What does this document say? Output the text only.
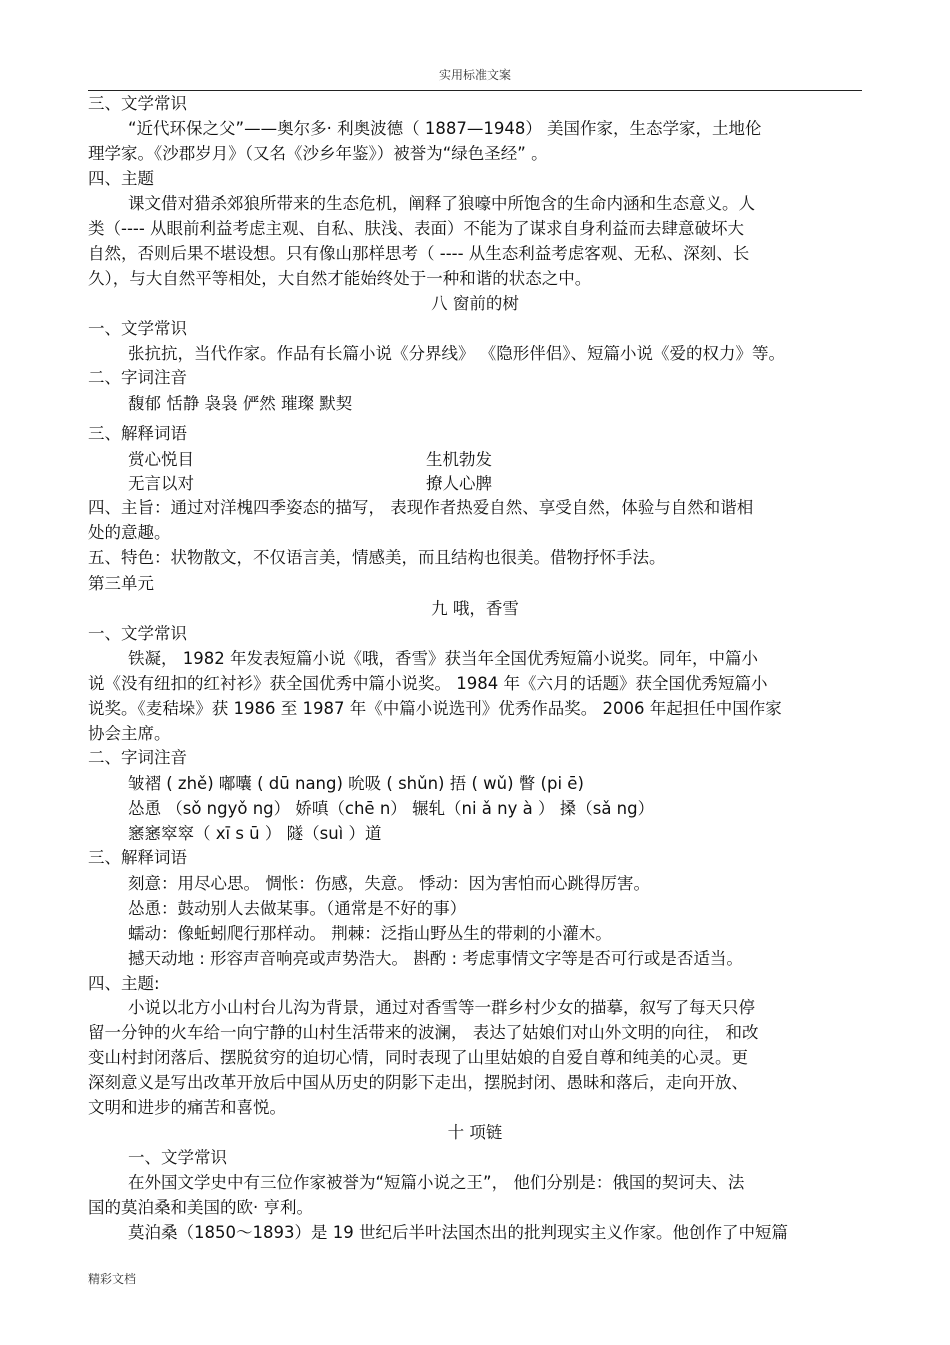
实用标准文案
三、文学常识
“近代环保之父”——奥尔多· 利奥波德（ 1887—1948） 美国作家，生态学家，土地伦
理学家。《沙郡岁月》（又名《沙乡年鉴》）被誉为“绿色圣经” 。
四、主题
课文借对猎杀郊狼所带来的生态危机，阐释了狼嚎中所饱含的生命内涵和生态意义。人
类（---- 从眼前利益考虑主观、自私、肤浅、表面）不能为了谋求自身利益而去肆意破坏大
自然，否则后果不堪设想。只有像山那样思考（ ---- 从生态利益考虑客观、无私、深刻、长
久），与大自然平等相处，大自然才能始终处于一种和谐的状态之中。
八 窗前的树
一、文学常识
张抗抗，当代作家。作品有长篇小说《分界线》 《隐形伴侣》、短篇小说《爱的权力》等。
二、字词注音
馥郁 恬静 袅袅 俨然 璀璨 默契
三、解释词语
赏心悦目	生机勃发
无言以对	撩人心脾
四、主旨：通过对洋槐四季姿态的描写， 表现作者热爱自然、享受自然，体验与自然和谐相
处的意趣。
五、特色：状物散文，不仅语言美，情感美，而且结构也很美。借物抒怀手法。
第三单元
九 哦，香雪
一、文学常识
铁凝， 1982 年发表短篇小说《哦，香雪》获当年全国优秀短篇小说奖。同年，中篇小
说《没有纽扣的红衬衫》获全国优秀中篇小说奖。 1984 年《六月的话题》获全国优秀短篇小
说奖。《麦秸垛》获 1986 至 1987 年《中篇小说选刊》优秀作品奖。 2006 年起担任中国作家
协会主席。
二、字词注音
皱褶 ( zhě) 嘟囔 ( dū nang) 吮吸 ( shǔn) 捂 ( wǔ) 瞥 (pi ē)
怂恿 （sǒ ngyǒ ng） 娇嗔（chē n） 辗轧（ni ǎ ny à ） 搡（sǎ ng）
窸窸窣窣（ xī s ū ） 隧（suì ）道
三、解释词语
刻意：用尽心思。 惆怅：伤感，失意。 悸动：因为害怕而心跳得厉害。
怂恿：鼓动别人去做某事。（通常是不好的事）
蠕动：像蚯蚓爬行那样动。 荆棘：泛指山野丛生的带刺的小灌木。
撼天动地 : 形容声音响亮或声势浩大。 斟酌 : 考虑事情文字等是否可行或是否适当。
四、主题:
小说以北方小山村台儿沟为背景，通过对香雪等一群乡村少女的描摹，叙写了每天只停
留一分钟的火车给一向宁静的山村生活带来的波澜， 表达了姑娘们对山外文明的向往， 和改
变山村封闭落后、摆脱贫穷的迫切心情，同时表现了山里姑娘的自爱自尊和纯美的心灵。更
深刻意义是写出改革开放后中国从历史的阴影下走出，摆脱封闭、愚昧和落后，走向开放、
文明和进步的痛苦和喜悦。
十 项链
一、文学常识
在外国文学史中有三位作家被誉为“短篇小说之王”， 他们分别是：俄国的契诃夫、法
国的莫泊桑和美国的欧· 亨利。
莫泊桑（1850～1893）是 19 世纪后半叶法国杰出的批判现实主义作家。他创作了中短篇
精彩文档
